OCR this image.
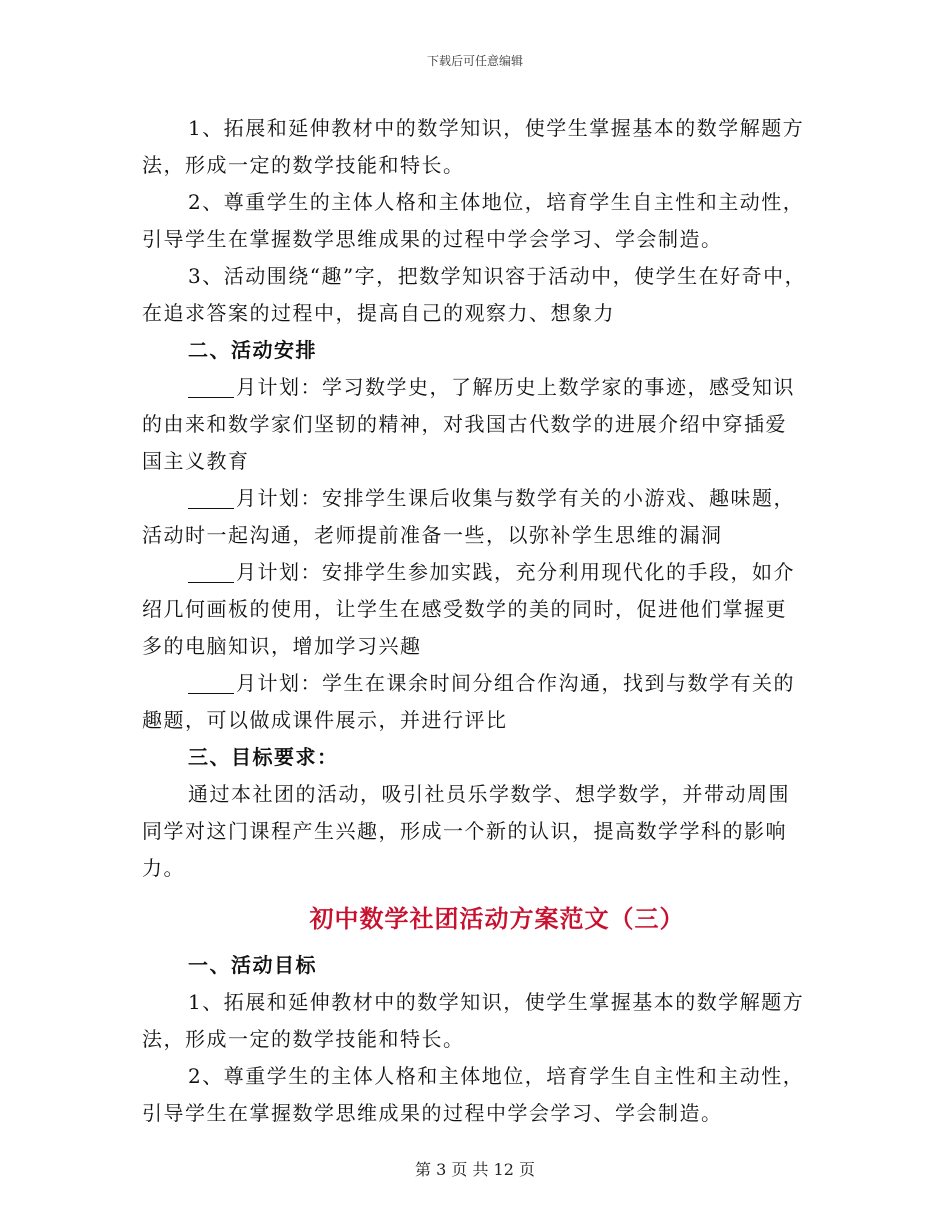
下载后可任意编辑
1、拓展和延伸教材中的数学知识，使学生掌握基本的数学解题方
法，形成一定的数学技能和特长。
2、尊重学生的主体人格和主体地位，培育学生自主性和主动性，
引导学生在掌握数学思维成果的过程中学会学习、学会制造。
3、活动围绕“趣”字，把数学知识容于活动中，使学生在好奇中，
在追求答案的过程中，提高自己的观察力、想象力
二、活动安排
月计划：学习数学史，了解历史上数学家的事迹，感受知识
的由来和数学家们坚韧的精神，对我国古代数学的进展介绍中穿插爱
国主义教育
月计划：安排学生课后收集与数学有关的小游戏、趣味题，
活动时一起沟通，老师提前准备一些，以弥补学生思维的漏洞
月计划：安排学生参加实践，充分利用现代化的手段，如介
绍几何画板的使用，让学生在感受数学的美的同时，促进他们掌握更
多的电脑知识，增加学习兴趣
月计划：学生在课余时间分组合作沟通，找到与数学有关的
趣题，可以做成课件展示，并进行评比
三、目标要求：
通过本社团的活动，吸引社员乐学数学、想学数学，并带动周围
同学对这门课程产生兴趣，形成一个新的认识，提高数学学科的影响
力。
初中数学社团活动方案范文（三）
一、活动目标
1、拓展和延伸教材中的数学知识，使学生掌握基本的数学解题方
法，形成一定的数学技能和特长。
2、尊重学生的主体人格和主体地位，培育学生自主性和主动性，
引导学生在掌握数学思维成果的过程中学会学习、学会制造。
第 3 页 共 12 页
